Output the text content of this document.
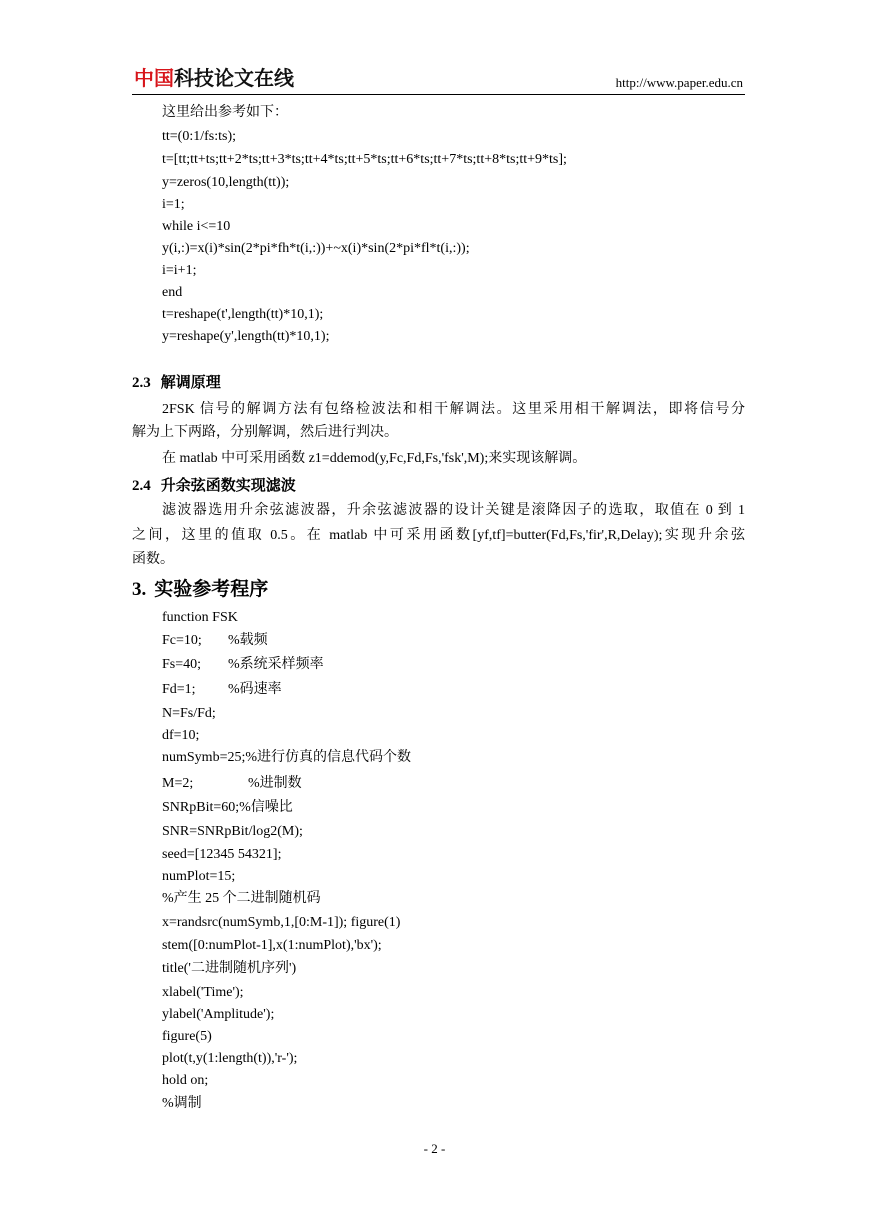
中国科技论文在线	http://www.paper.edu.cn
这里给出参考如下：
tt=(0:1/fs:ts);
t=[tt;tt+ts;tt+2*ts;tt+3*ts;tt+4*ts;tt+5*ts;tt+6*ts;tt+7*ts;tt+8*ts;tt+9*ts];
y=zeros(10,length(tt));
i=1;
while i<=10
y(i,:)=x(i)*sin(2*pi*fh*t(i,:))+~x(i)*sin(2*pi*fl*t(i,:));
i=i+1;
end
t=reshape(t',length(tt)*10,1);
y=reshape(y',length(tt)*10,1);
2.3 解调原理
2FSK 信号的解调方法有包络检波法和相干解调法。这里采用相干解调法，即将信号分
解为上下两路，分别解调，然后进行判决。
在 matlab 中可采用函数 z1=ddemod(y,Fc,Fd,Fs,'fsk',M);来实现该解调。
2.4 升余弦函数实现滤波
滤波器选用升余弦滤波器，升余弦滤波器的设计关键是滚降因子的选取，取值在 0 到 1
之间，这里的值取 0.5。在 matlab 中可采用函数[yf,tf]=butter(Fd,Fs,'fir',R,Delay);实现升余弦
函数。
3. 实验参考程序
function FSK
Fc=10; %载频
Fs=40; %系统采样频率
Fd=1; %码速率
N=Fs/Fd;
df=10;
numSymb=25;%进行仿真的信息代码个数
M=2;	%进制数
SNRpBit=60;%信噪比
SNR=SNRpBit/log2(M);
seed=[12345 54321];
numPlot=15;
%产生 25 个二进制随机码
x=randsrc(numSymb,1,[0:M-1]); figure(1)
stem([0:numPlot-1],x(1:numPlot),'bx');
title('二进制随机序列')
xlabel('Time');
ylabel('Amplitude');
figure(5)
plot(t,y(1:length(t)),'r-');
hold on;
%调制
- 2 -
